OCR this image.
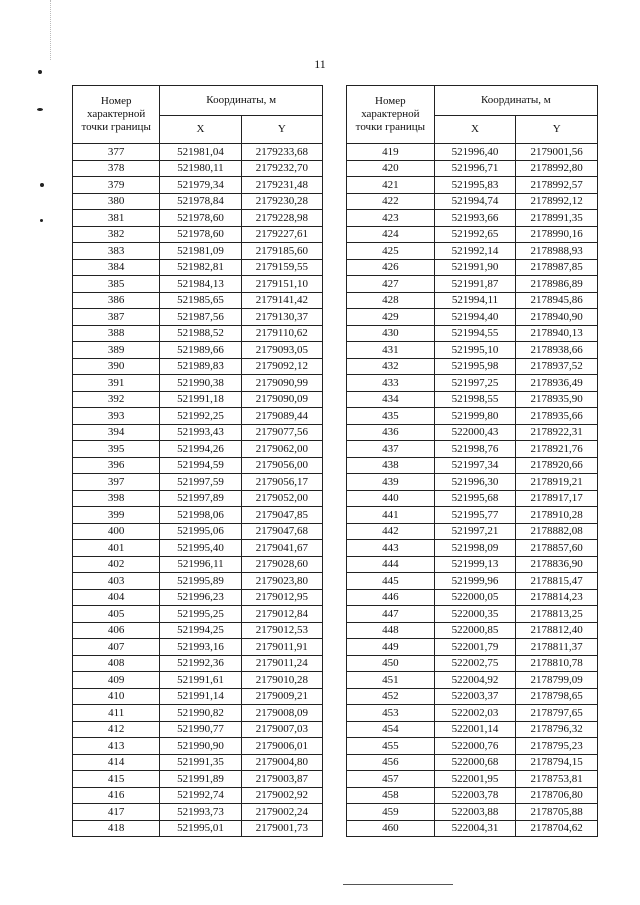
11
Номер характерной точки границы	Координаты, м	
	X	Y
377	521981,04	2179233,68
378	521980,11	2179232,70
379	521979,34	2179231,48
380	521978,84	2179230,28
381	521978,60	2179228,98
382	521978,60	2179227,61
383	521981,09	2179185,60
384	521982,81	2179159,55
385	521984,13	2179151,10
386	521985,65	2179141,42
387	521987,56	2179130,37
388	521988,52	2179110,62
389	521989,66	2179093,05
390	521989,83	2179092,12
391	521990,38	2179090,99
392	521991,18	2179090,09
393	521992,25	2179089,44
394	521993,43	2179077,56
395	521994,26	2179062,00
396	521994,59	2179056,00
397	521997,59	2179056,17
398	521997,89	2179052,00
399	521998,06	2179047,85
400	521995,06	2179047,68
401	521995,40	2179041,67
402	521996,11	2179028,60
403	521995,89	2179023,80
404	521996,23	2179012,95
405	521995,25	2179012,84
406	521994,25	2179012,53
407	521993,16	2179011,91
408	521992,36	2179011,24
409	521991,61	2179010,28
410	521991,14	2179009,21
411	521990,82	2179008,09
412	521990,77	2179007,03
413	521990,90	2179006,01
414	521991,35	2179004,80
415	521991,89	2179003,87
416	521992,74	2179002,92
417	521993,73	2179002,24
418	521995,01	2179001,73
Номер характерной точки границы	Координаты, м	
	X	Y
419	521996,40	2179001,56
420	521996,71	2178992,80
421	521995,83	2178992,57
422	521994,74	2178992,12
423	521993,66	2178991,35
424	521992,65	2178990,16
425	521992,14	2178988,93
426	521991,90	2178987,85
427	521991,87	2178986,89
428	521994,11	2178945,86
429	521994,40	2178940,90
430	521994,55	2178940,13
431	521995,10	2178938,66
432	521995,98	2178937,52
433	521997,25	2178936,49
434	521998,55	2178935,90
435	521999,80	2178935,66
436	522000,43	2178922,31
437	521998,76	2178921,76
438	521997,34	2178920,66
439	521996,30	2178919,21
440	521995,68	2178917,17
441	521995,77	2178910,28
442	521997,21	2178882,08
443	521998,09	2178857,60
444	521999,13	2178836,90
445	521999,96	2178815,47
446	522000,05	2178814,23
447	522000,35	2178813,25
448	522000,85	2178812,40
449	522001,79	2178811,37
450	522002,75	2178810,78
451	522004,92	2178799,09
452	522003,37	2178798,65
453	522002,03	2178797,65
454	522001,14	2178796,32
455	522000,76	2178795,23
456	522000,68	2178794,15
457	522001,95	2178753,81
458	522003,78	2178706,80
459	522003,88	2178705,88
460	522004,31	2178704,62
